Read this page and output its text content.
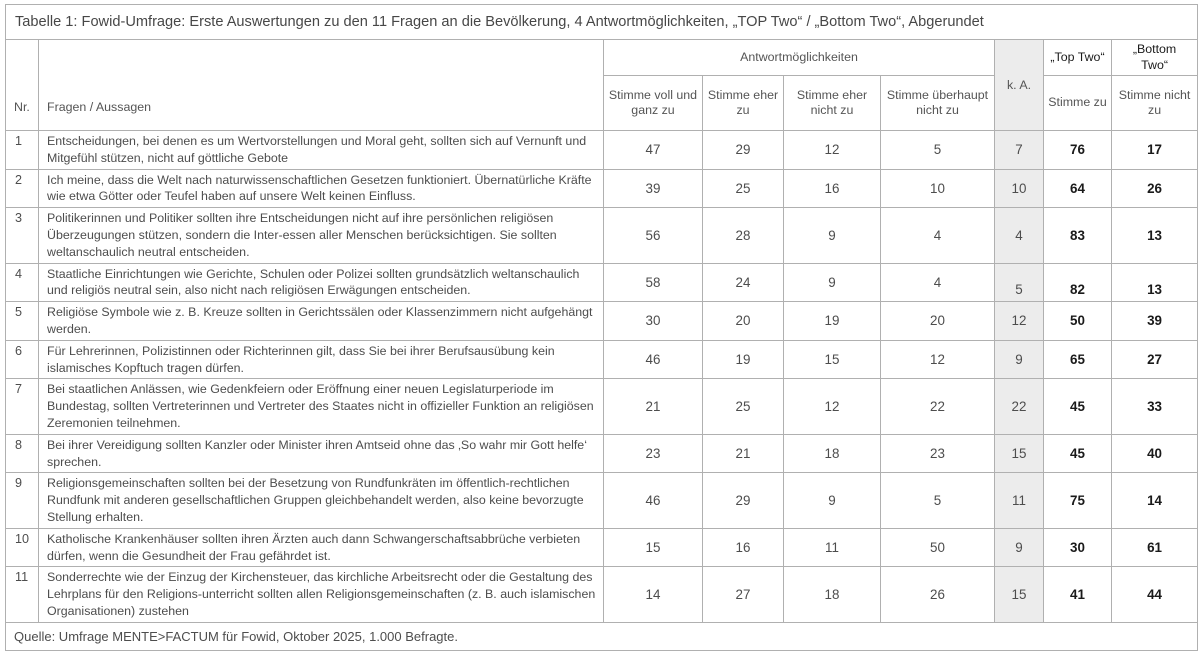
Tabelle 1: Fowid-Umfrage: Erste Auswertungen zu den 11 Fragen an die Bevölkerung, 4 Antwortmöglichkeiten, „TOP Two“ / „Bottom Two“, Abgerundet								
Nr.	Fragen / Aussagen	Antwortmöglichkeiten				k. A.	„Top Two“	„Bottom Two“
		Stimme voll und ganz zu	Stimme eher zu	Stimme eher nicht zu	Stimme überhaupt nicht zu		Stimme zu	Stimme nicht zu
1	Entscheidungen, bei denen es um Wertvorstellungen und Moral geht, sollten sich auf Vernunft und Mitgefühl stützen, nicht auf göttliche Gebote	47	29	12	5	7	76	17
2	Ich meine, dass die Welt nach naturwissenschaftlichen Gesetzen funktioniert. Übernatürliche Kräfte wie etwa Götter oder Teufel haben auf unsere Welt keinen Einfluss.	39	25	16	10	10	64	26
3	Politikerinnen und Politiker sollten ihre Entscheidungen nicht auf ihre persönlichen religiösen Überzeugungen stützen, sondern die Inter-essen aller Menschen berücksichtigen. Sie sollten weltanschaulich neutral entscheiden.	56	28	9	4	4	83	13
4	Staatliche Einrichtungen wie Gerichte, Schulen oder Polizei sollten grundsätzlich weltanschaulich und religiös neutral sein, also nicht nach religiösen Erwägungen entscheiden.	58	24	9	4	5	82	13
5	Religiöse Symbole wie z. B. Kreuze sollten in Gerichtssälen oder Klassenzimmern nicht aufgehängt werden.	30	20	19	20	12	50	39
6	Für Lehrerinnen, Polizistinnen oder Richterinnen gilt, dass Sie bei ihrer Berufsausübung kein islamisches Kopftuch tragen dürfen.	46	19	15	12	9	65	27
7	Bei staatlichen Anlässen, wie Gedenkfeiern oder Eröffnung einer neuen Legislaturperiode im Bundestag, sollten Vertreterinnen und Vertreter des Staates nicht in offizieller Funktion an religiösen Zeremonien teilnehmen.	21	25	12	22	22	45	33
8	Bei ihrer Vereidigung sollten Kanzler oder Minister ihren Amtseid ohne das ‚So wahr mir Gott helfe‘ sprechen.	23	21	18	23	15	45	40
9	Religionsgemeinschaften sollten bei der Besetzung von Rundfunkräten im öffentlich-rechtlichen Rundfunk mit anderen gesellschaftlichen Gruppen gleichbehandelt werden, also keine bevorzugte Stellung erhalten.	46	29	9	5	11	75	14
10	Katholische Krankenhäuser sollten ihren Ärzten auch dann Schwangerschaftsabbrüche verbieten dürfen, wenn die Gesundheit der Frau gefährdet ist.	15	16	11	50	9	30	61
11	Sonderrechte wie der Einzug der Kirchensteuer, das kirchliche Arbeitsrecht oder die Gestaltung des Lehrplans für den Religions-unterricht sollten allen Religionsgemeinschaften (z. B. auch islamischen Organisationen) zustehen	14	27	18	26	15	41	44
Quelle: Umfrage MENTE>FACTUM für Fowid, Oktober 2025, 1.000 Befragte.								
